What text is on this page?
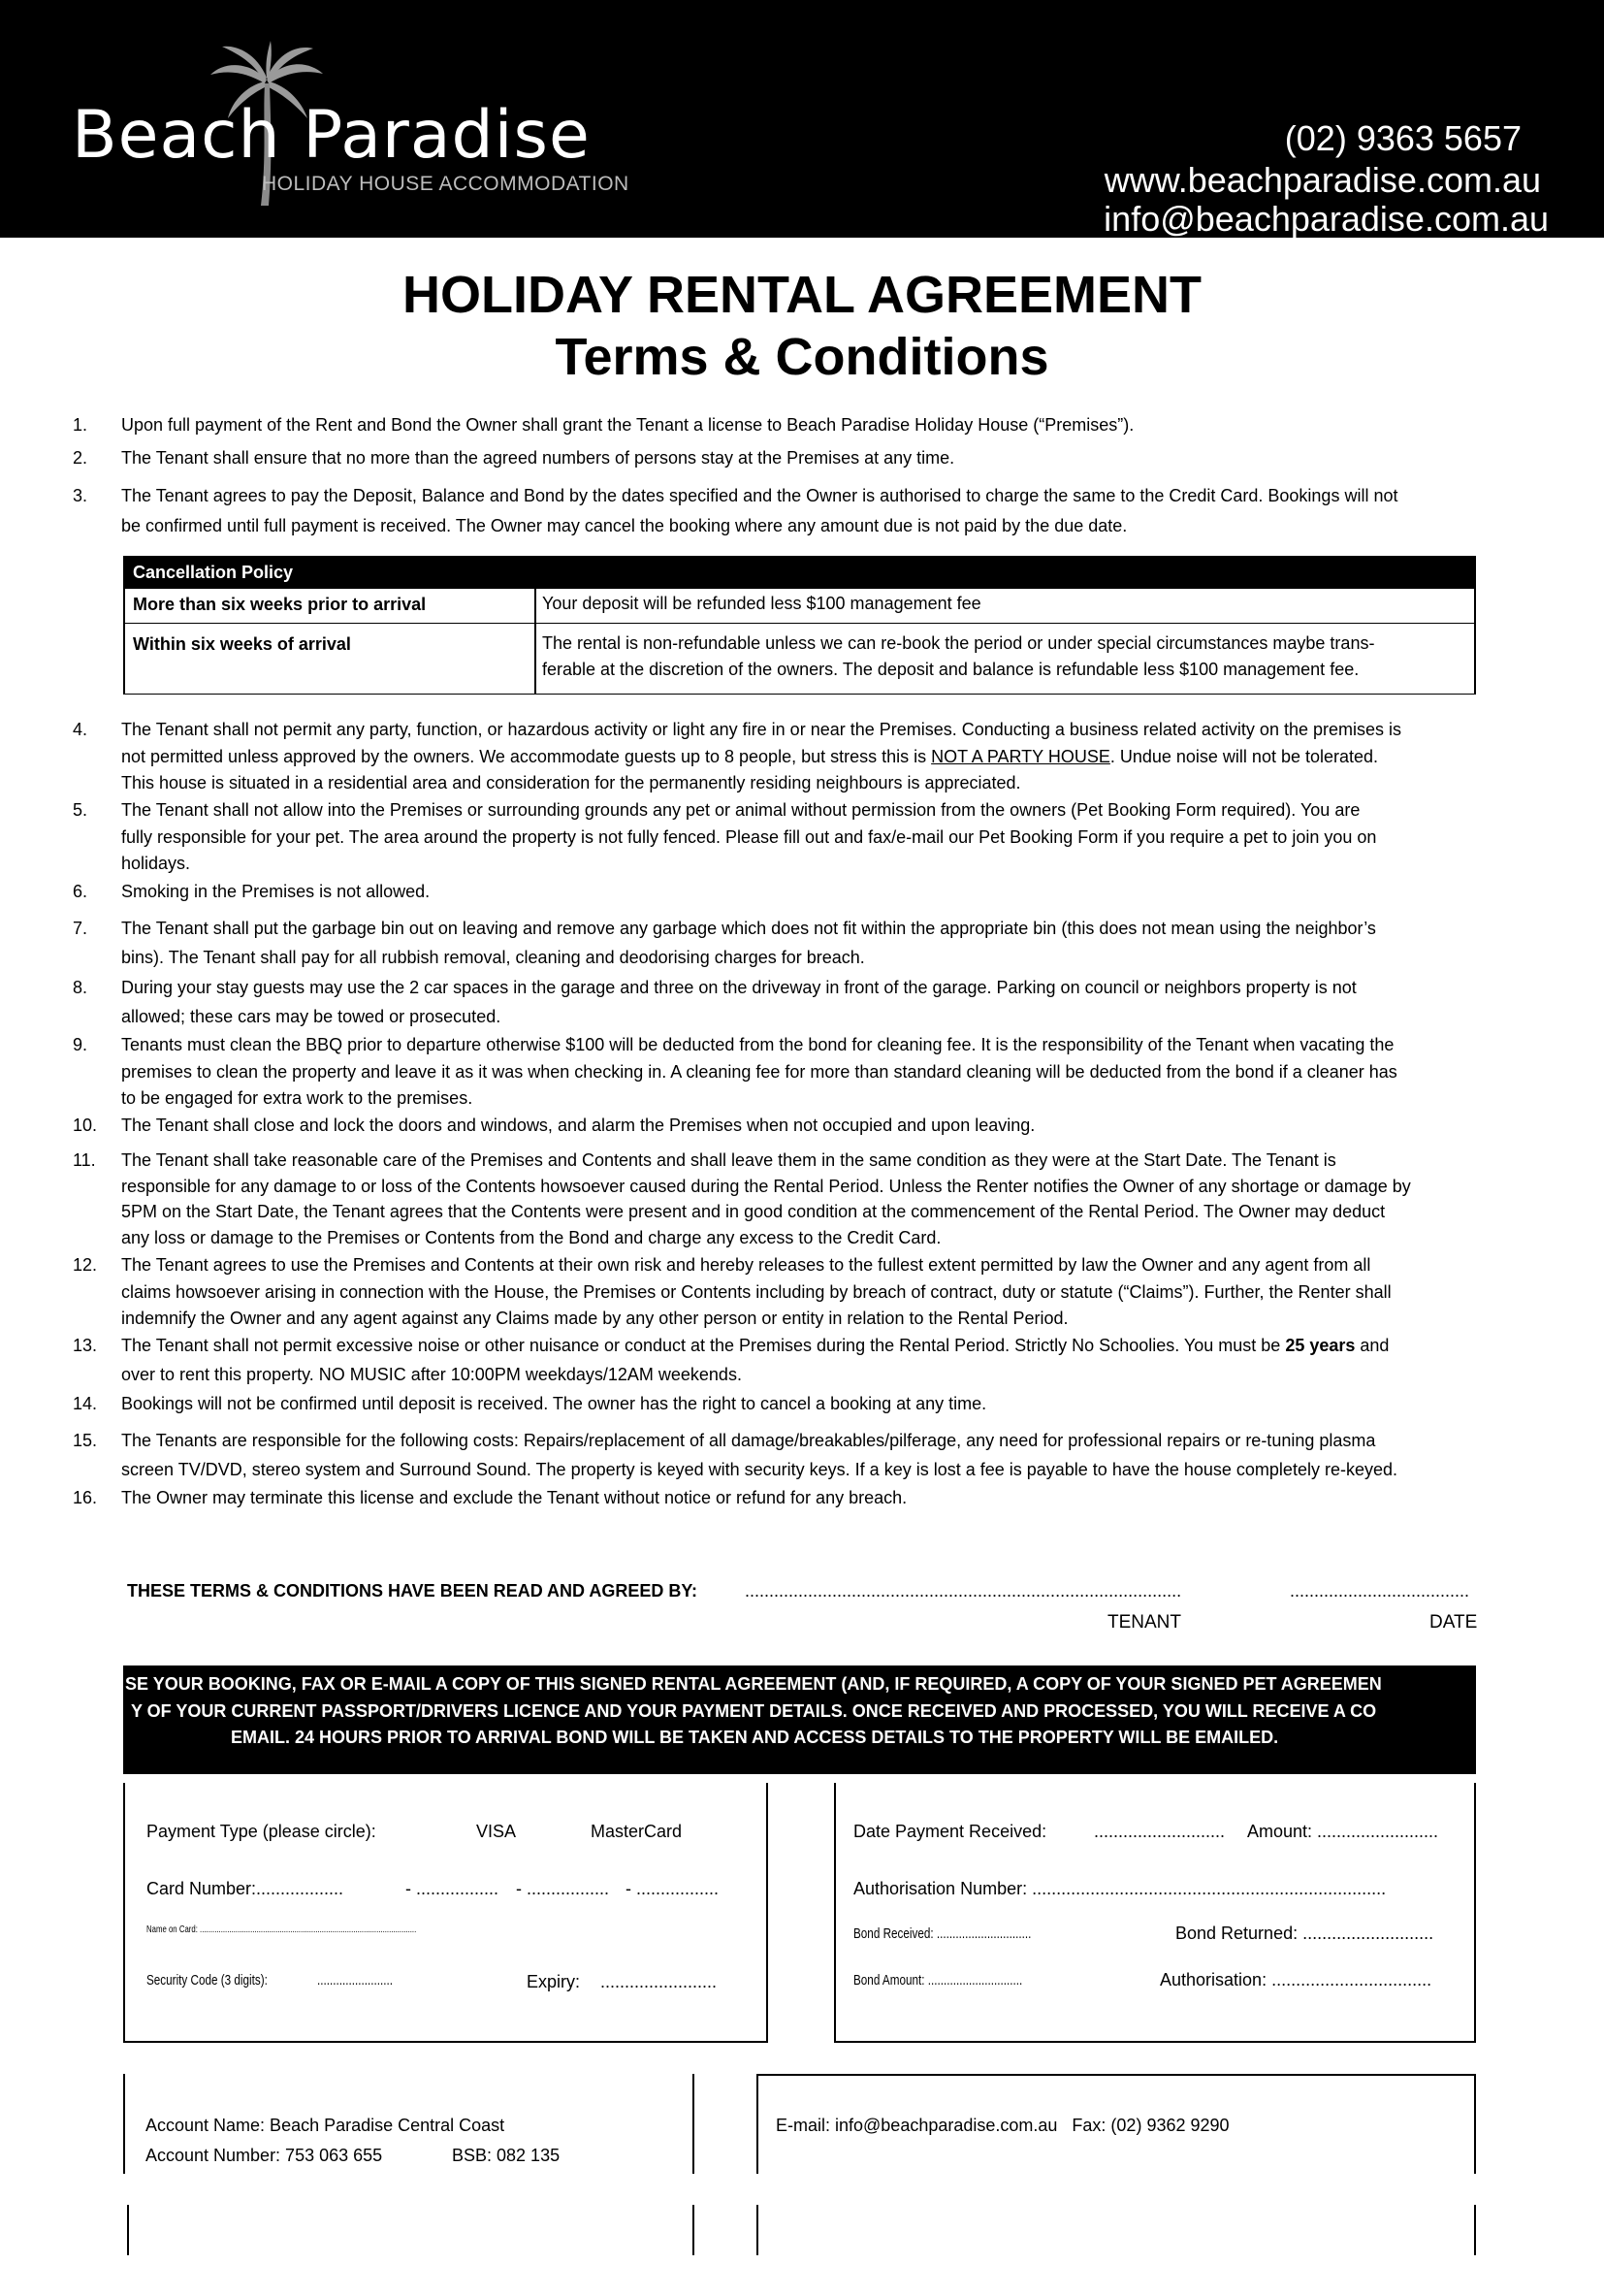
Beach Paradise
HOLIDAY HOUSE ACCOMMODATION
(02) 9363 5657
www.beachparadise.com.au
info@beachparadise.com.au
HOLIDAY RENTAL AGREEMENT
Terms & Conditions
1.	Upon full payment of the Rent and Bond the Owner shall grant the Tenant a license to Beach Paradise Holiday House (“Premises”).
2.	The Tenant shall ensure that no more than the agreed numbers of persons stay at the Premises at any time.
3.	The Tenant agrees to pay the Deposit, Balance and Bond by the dates specified and the Owner is authorised to charge the same to the Credit Card. Bookings will not
be confirmed until full payment is received. The Owner may cancel the booking where any amount due is not paid by the due date.
Cancellation Policy
More than six weeks prior to arrival	Your deposit will be refunded less $100 management fee
Within six weeks of arrival	The rental is non-refundable unless we can re-book the period or under special circumstances maybe trans-
ferable at the discretion of the owners. The deposit and balance is refundable less $100 management fee.
4.	The Tenant shall not permit any party, function, or hazardous activity or light any fire in or near the Premises. Conducting a business related activity on the premises is
not permitted unless approved by the owners. We accommodate guests up to 8 people, but stress this is NOT A PARTY HOUSE. Undue noise will not be tolerated.
This house is situated in a residential area and consideration for the permanently residing neighbours is appreciated.
5.	The Tenant shall not allow into the Premises or surrounding grounds any pet or animal without permission from the owners (Pet Booking Form required). You are
fully responsible for your pet. The area around the property is not fully fenced. Please fill out and fax/e-mail our Pet Booking Form if you require a pet to join you on
holidays.
6.	Smoking in the Premises is not allowed.
7.	The Tenant shall put the garbage bin out on leaving and remove any garbage which does not fit within the appropriate bin (this does not mean using the neighbor’s
bins). The Tenant shall pay for all rubbish removal, cleaning and deodorising charges for breach.
8.	During your stay guests may use the 2 car spaces in the garage and three on the driveway in front of the garage. Parking on council or neighbors property is not
allowed; these cars may be towed or prosecuted.
9.	Tenants must clean the BBQ prior to departure otherwise $100 will be deducted from the bond for cleaning fee. It is the responsibility of the Tenant when vacating the
premises to clean the property and leave it as it was when checking in. A cleaning fee for more than standard cleaning will be deducted from the bond if a cleaner has
to be engaged for extra work to the premises.
10.	The Tenant shall close and lock the doors and windows, and alarm the Premises when not occupied and upon leaving.
11.	The Tenant shall take reasonable care of the Premises and Contents and shall leave them in the same condition as they were at the Start Date. The Tenant is
responsible for any damage to or loss of the Contents howsoever caused during the Rental Period. Unless the Renter notifies the Owner of any shortage or damage by
5PM on the Start Date, the Tenant agrees that the Contents were present and in good condition at the commencement of the Rental Period. The Owner may deduct
any loss or damage to the Premises or Contents from the Bond and charge any excess to the Credit Card.
12.	The Tenant agrees to use the Premises and Contents at their own risk and hereby releases to the fullest extent permitted by law the Owner and any agent from all
claims howsoever arising in connection with the House, the Premises or Contents including by breach of contract, duty or statute (“Claims”). Further, the Renter shall
indemnify the Owner and any agent against any Claims made by any other person or entity in relation to the Rental Period.
13.	The Tenant shall not permit excessive noise or other nuisance or conduct at the Premises during the Rental Period. Strictly No Schoolies. You must be 25 years and
over to rent this property. NO MUSIC after 10:00PM weekdays/12AM weekends.
14.	Bookings will not be confirmed until deposit is received. The owner has the right to cancel a booking at any time.
15.	The Tenants are responsible for the following costs: Repairs/replacement of all damage/breakables/pilferage, any need for professional repairs or re-tuning plasma
screen TV/DVD, stereo system and Surround Sound. The property is keyed with security keys. If a key is lost a fee is payable to have the house completely re-keyed.
16.	The Owner may terminate this license and exclude the Tenant without notice or refund for any breach.
THESE TERMS & CONDITIONS HAVE BEEN READ AND AGREED BY:	..........................................................................................	.....................................
TENANT	DATE
SE YOUR BOOKING, FAX OR E-MAIL A COPY OF THIS SIGNED RENTAL AGREEMENT (AND, IF REQUIRED, A COPY OF YOUR SIGNED PET AGREEMEN
Y OF YOUR CURRENT PASSPORT/DRIVERS LICENCE AND YOUR PAYMENT DETAILS. ONCE RECEIVED AND PROCESSED, YOU WILL RECEIVE A CO
EMAIL. 24 HOURS PRIOR TO ARRIVAL BOND WILL BE TAKEN AND ACCESS DETAILS TO THE PROPERTY WILL BE EMAILED.
Payment Type (please circle):	VISA	MasterCard
Card Number:..................	- ................. - ................. - .................
Name on Card: .......................................................................................................
Security Code (3 digits):	........................	Expiry: ........................
Date Payment Received:	........................... Amount: .........................
Authorisation Number: .........................................................................
Bond Received: ..............................	Bond Returned: ...........................
Bond Amount: ..............................	Authorisation: .................................
Account Name: Beach Paradise Central Coast
Account Number: 753 063 655	BSB: 082 135
E-mail: info@beachparadise.com.au   Fax: (02) 9362 9290
